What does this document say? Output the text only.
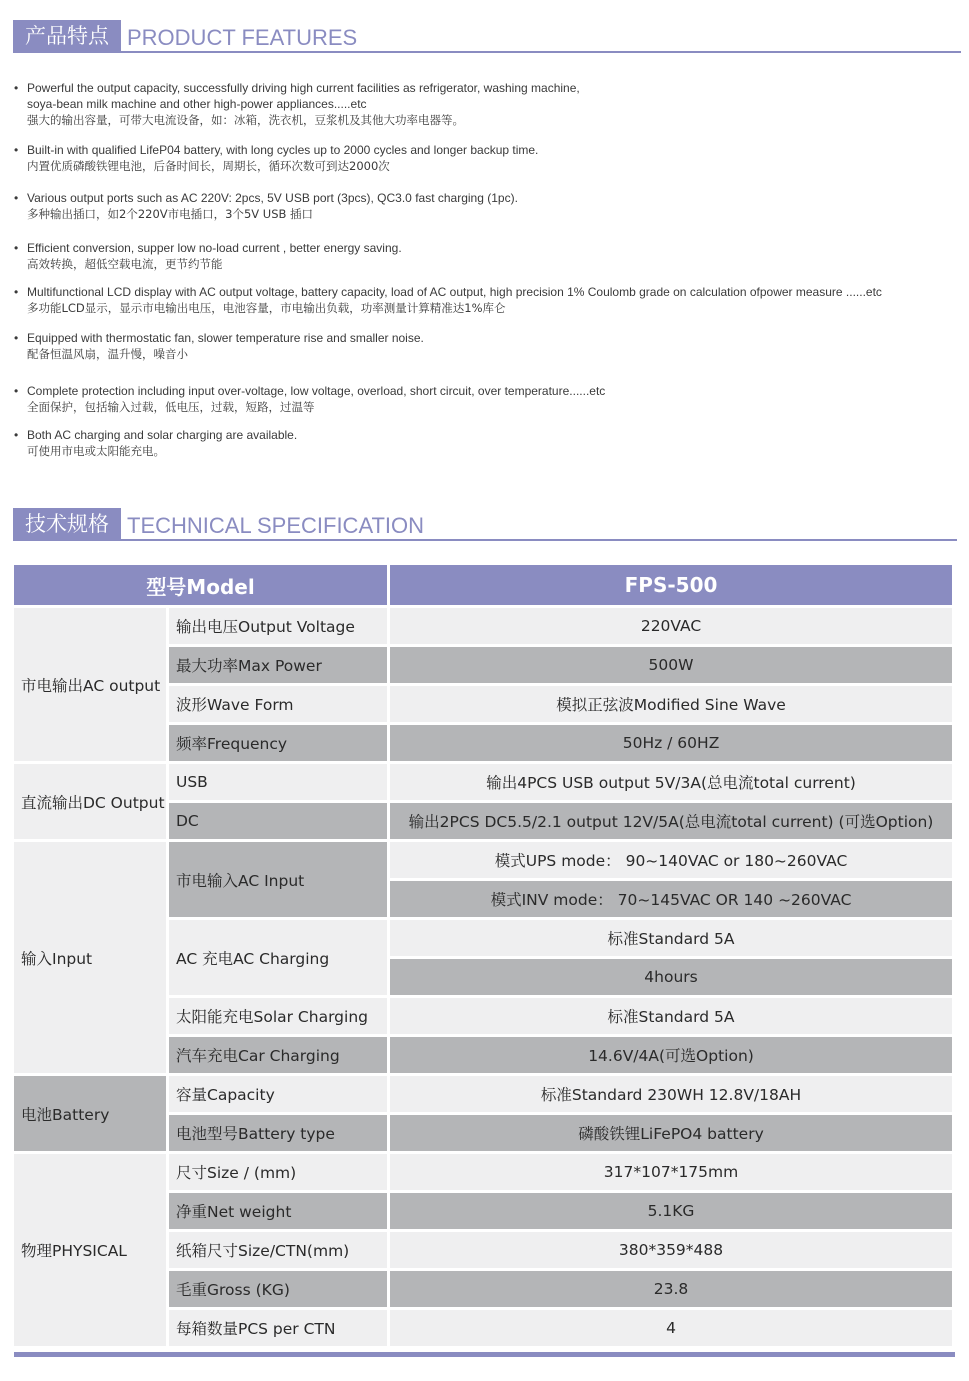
产品特点 PRODUCT FEATURES
• Powerful the output capacity, successfully driving high current facilities as refrigerator, washing machine,
soya-bean milk machine and other high-power appliances.....etc
强大的输出容量，可带大电流设备，如：冰箱，洗衣机，豆浆机及其他大功率电器等。
• Built-in with qualified LifeP04 battery, with long cycles up to 2000 cycles and longer backup time.
内置优质磷酸铁锂电池，后备时间长，周期长，循环次数可到达2000次
• Various output ports such as AC 220V: 2pcs, 5V USB port (3pcs), QC3.0 fast charging (1pc).
多种输出插口，如2个220V市电插口，3个5V USB 插口
• Efficient conversion, supper low no-load current , better energy saving.
高效转换，超低空载电流，更节约节能
• Multifunctional LCD display with AC output voltage, battery capacity, load of AC output, high precision 1% Coulomb grade on calculation ofpower measure ......etc
多功能LCD显示，显示市电输出电压，电池容量，市电输出负载，功率测量计算精准达1%库仑
• Equipped with thermostatic fan, slower temperature rise and smaller noise.
配备恒温风扇，温升慢，噪音小
• Complete protection including input over-voltage, low voltage, overload, short circuit, over temperature......etc
全面保护，包括输入过载，低电压，过载，短路，过温等
• Both AC charging and solar charging are available.
可使用市电或太阳能充电。
技术规格 TECHNICAL SPECIFICATION
型号Model		FPS-500
市电输出AC output	输出电压Output Voltage	220VAC
	最大功率Max Power	500W
	波形Wave Form	模拟正弦波Modified Sine Wave
	频率Frequency	50Hz / 60HZ
直流输出DC Output	USB	输出4PCS USB output 5V/3A(总电流total current)
	DC	输出2PCS DC5.5/2.1 output 12V/5A(总电流total current) (可选Option)
输入Input	市电输入AC Input	模式UPS mode： 90~140VAC or 180~260VAC
		模式INV mode： 70~145VAC OR 140 ~260VAC
	AC 充电AC Charging	标准Standard 5A
		4hours
	太阳能充电Solar Charging	标准Standard 5A
	汽车充电Car Charging	14.6V/4A(可选Option)
电池Battery	容量Capacity	标准Standard 230WH 12.8V/18AH
	电池型号Battery type	磷酸铁锂LiFePO4 battery
物理PHYSICAL	尺寸Size / (mm)	317*107*175mm
	净重Net weight	5.1KG
	纸箱尺寸Size/CTN(mm)	380*359*488
	毛重Gross (KG)	23.8
	每箱数量PCS per CTN	4
